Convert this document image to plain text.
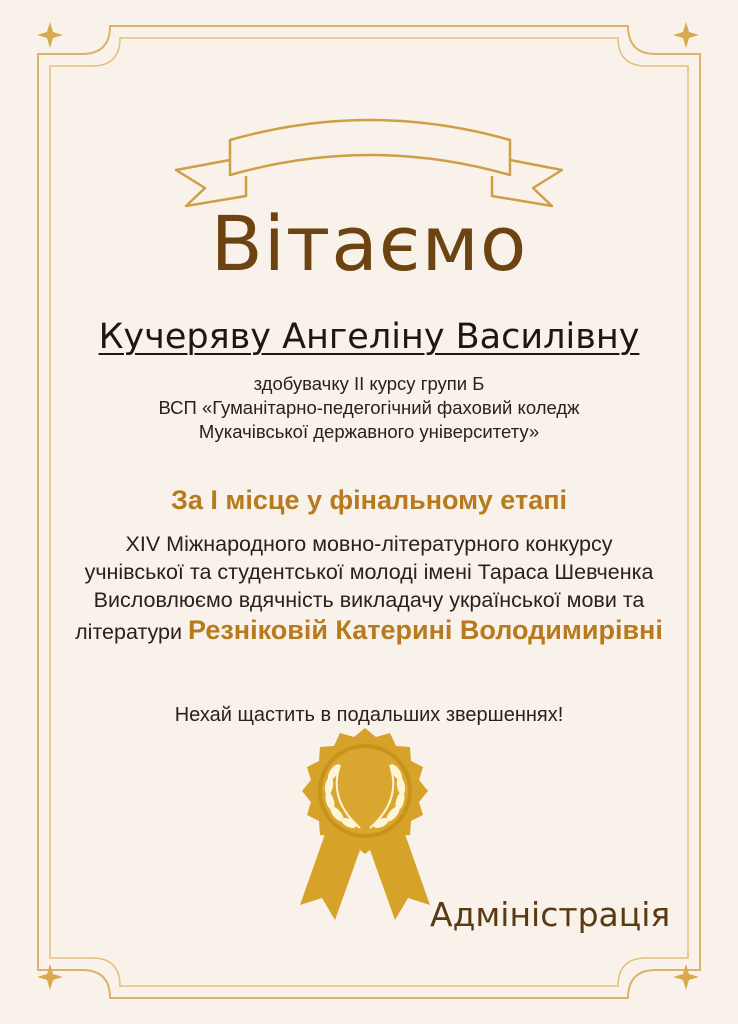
Вітаємо
Кучеряву Ангеліну Василівну
здобувачку ІІ курсу групи Б
ВСП «Гуманітарно-педегогічний фаховий коледж
Мукачівської державного університету»
За І місце у фінальному етапі
XIV Міжнародного мовно-літературного конкурсу
учнівської та студентської молоді імені Тараса Шевченка
Висловлюємо вдячність викладачу української мови та
літератури Резніковій Катерині Володимирівні
Нехай щастить в подальших звершеннях!
Адміністрація
